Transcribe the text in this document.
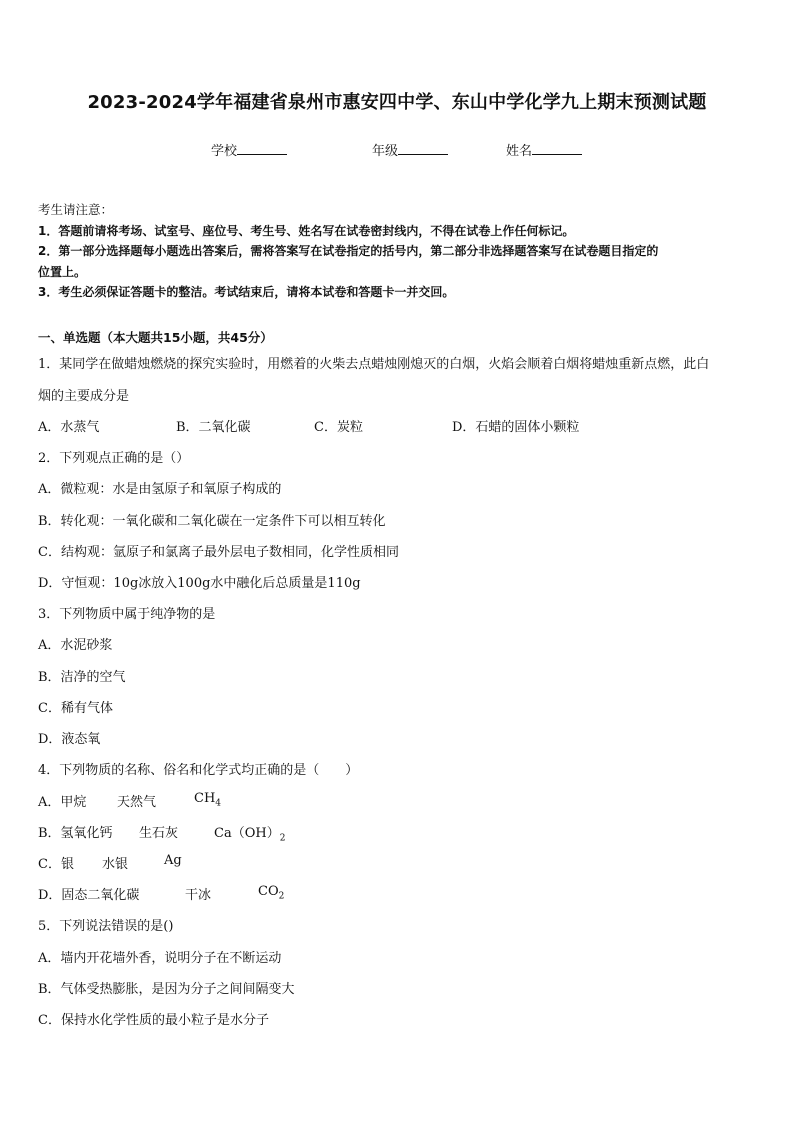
2023-2024学年福建省泉州市惠安四中学、东山中学化学九上期末预测试题
学校	年级	姓名
考生请注意：
1．答题前请将考场、试室号、座位号、考生号、姓名写在试卷密封线内，不得在试卷上作任何标记。
2．第一部分选择题每小题选出答案后，需将答案写在试卷指定的括号内，第二部分非选择题答案写在试卷题目指定的
位置上。
3．考生必须保证答题卡的整洁。考试结束后，请将本试卷和答题卡一并交回。
一、单选题（本大题共15小题，共45分）
1．某同学在做蜡烛燃烧的探究实验时，用燃着的火柴去点蜡烛刚熄灭的白烟，火焰会顺着白烟将蜡烛重新点燃，此白
烟的主要成分是
A．水蒸气	B．二氧化碳	C．炭粒	D．石蜡的固体小颗粒
2．下列观点正确的是（）
A．微粒观：水是由氢原子和氧原子构成的
B．转化观：一氧化碳和二氧化碳在一定条件下可以相互转化
C．结构观：氩原子和氯离子最外层电子数相同，化学性质相同
D．守恒观：10g冰放入100g水中融化后总质量是110g
3．下列物质中属于纯净物的是
A．水泥砂浆
B．洁净的空气
C．稀有气体
D．液态氧
4．下列物质的名称、俗名和化学式均正确的是（　　）
A．甲烷 天然气	$CH_4$
B．氢氧化钙 生石灰	$Ca(OH)_2$
C．银 水银	Ag
D．固态二氧化碳	干冰	$CO_2$
5．下列说法错误的是()
A．墙内开花墙外香，说明分子在不断运动
B．气体受热膨胀，是因为分子之间间隔变大
C．保持水化学性质的最小粒子是水分子
